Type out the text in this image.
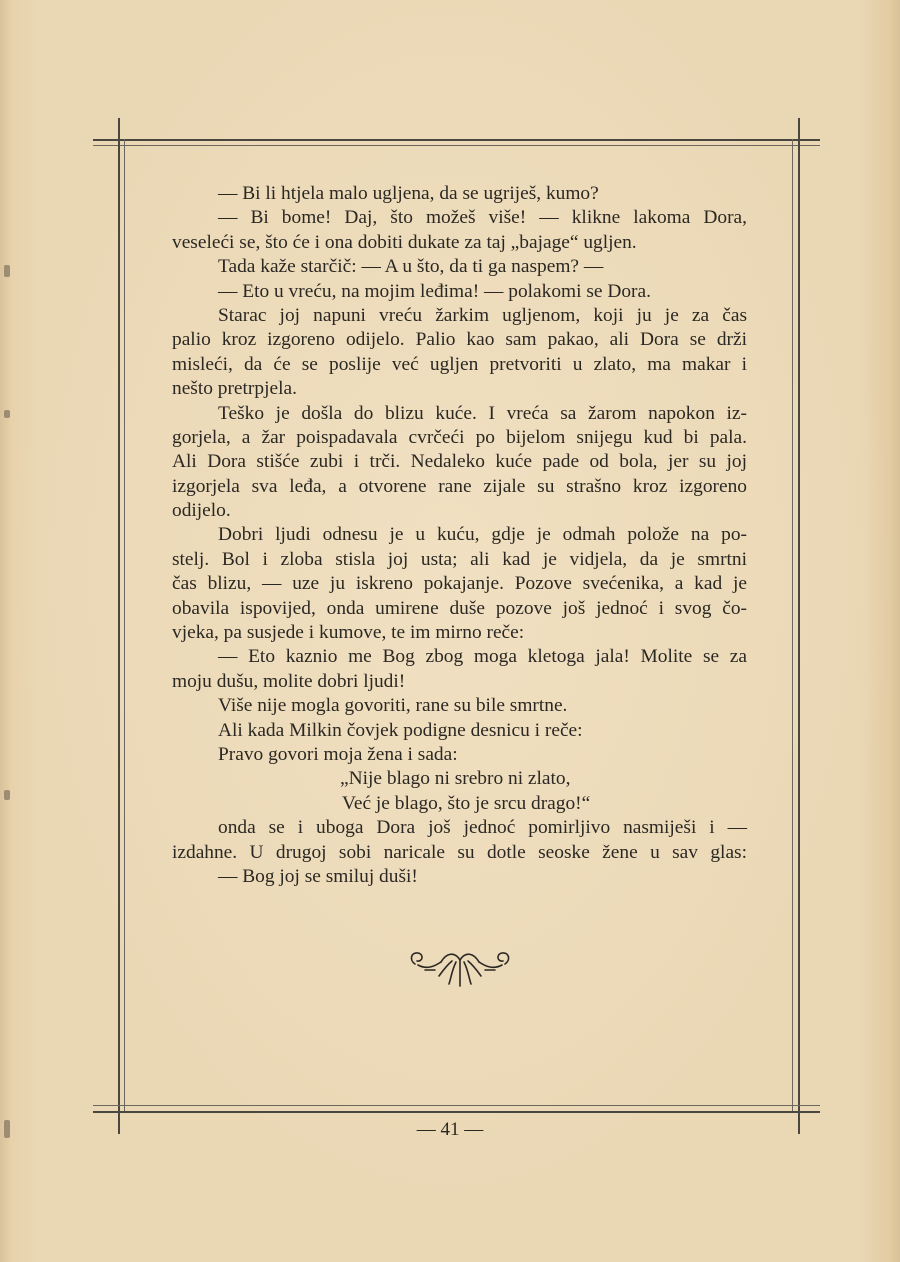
— Bi li htjela malo ugljena, da se ugriješ, kumo?
— Bi bome! Daj, što možeš više! — klikne lakoma Dora,
veseleći se, što će i ona dobiti dukate za taj „bajage“ ugljen.
Tada kaže starčič: — A u što, da ti ga naspem? —
— Eto u vreću, na mojim leđima! — polakomi se Dora.
Starac joj napuni vreću žarkim ugljenom, koji ju je za čas
palio kroz izgoreno odijelo. Palio kao sam pakao, ali Dora se drži
misleći, da će se poslije već ugljen pretvoriti u zlato, ma makar i
nešto pretrpjela.
Teško je došla do blizu kuće. I vreća sa žarom napokon iz-
gorjela, a žar poispadavala cvrčeći po bijelom snijegu kud bi pala.
Ali Dora stišće zubi i trči. Nedaleko kuće pade od bola, jer su joj
izgorjela sva leđa, a otvorene rane zijale su strašno kroz izgoreno
odijelo.
Dobri ljudi odnesu je u kuću, gdje je odmah polože na po-
stelj. Bol i zloba stisla joj usta; ali kad je vidjela, da je smrtni
čas blizu, — uze ju iskreno pokajanje. Pozove svećenika, a kad je
obavila ispovijed, onda umirene duše pozove još jednoć i svog čo-
vjeka, pa susjede i kumove, te im mirno reče:
— Eto kaznio me Bog zbog moga kletoga jala! Molite se za
moju dušu, molite dobri ljudi!
Više nije mogla govoriti, rane su bile smrtne.
Ali kada Milkin čovjek podigne desnicu i reče:
Pravo govori moja žena i sada:
„Nije blago ni srebro ni zlato,
Već je blago, što je srcu drago!“
onda se i uboga Dora još jednoć pomirljivo nasmiješi i —
izdahne. U drugoj sobi naricale su dotle seoske žene u sav glas:
— Bog joj se smiluj duši!
— 41 —
